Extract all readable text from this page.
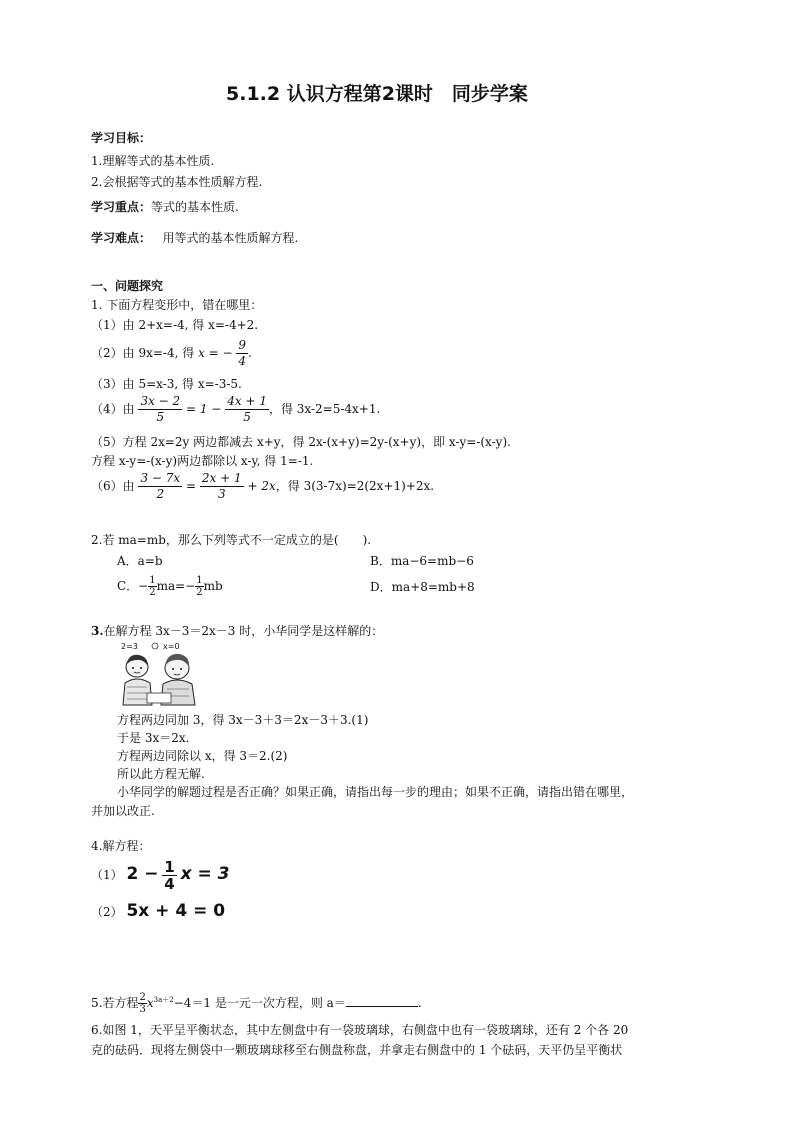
5.1.2 认识方程第2课时　同步学案
学习目标：
1.理解等式的基本性质.
2.会根据等式的基本性质解方程.
学习重点：等式的基本性质.
学习难点： 用等式的基本性质解方程.
一、问题探究
1. 下面方程变形中，错在哪里：
（1）由 2+x=-4, 得 x=-4+2.
（2）由 9x=-4, 得 x = − $\frac{9}{4}$ .
（3）由 5=x-3, 得 x=-3-5.
（4）由 $\frac{3x - 2}{5} = 1 - \frac{4x + 1}{5}$ ，得 3x-2=5-4x+1.
（5）方程 2x=2y 两边都减去 x+y，得 2x-(x+y)=2y-(x+y)，即 x-y=-(x-y).
方程 x-y=-(x-y)两边都除以 x-y, 得 1=-1.
（6）由 $\frac{3 - 7x}{2} = \frac{2x + 1}{3} + 2x$，得 3(3-7x)=2(2x+1)+2x.
2.若 ma=mb，那么下列等式不一定成立的是(　　).
A．a=b	B．ma−6=mb−6
C．− $\frac{1}{2} ma=- \frac{1}{2}$ mb	D．ma+8=mb+8
3.在解方程 3x－3＝2x－3 时，小华同学是这样解的：
2=3	x=0
方程两边同加 3，得 3x－3＋3＝2x－3＋3.(1)
于是 3x＝2x.
方程两边同除以 x，得 3＝2.(2)
所以此方程无解.
小华同学的解题过程是否正确？如果正确，请指出每一步的理由；如果不正确，请指出错在哪里，
并加以改正.
4.解方程：
（1） $2 - \frac{1}{4}$ x = 3
（2） 5x + 4 = 0
5.若方程 $\frac{2}{3} x^{3a+2}-4=1$ 是一元一次方程，则 a＝	.
6.如图 1，天平呈平衡状态，其中左侧盘中有一袋玻璃球，右侧盘中也有一袋玻璃球，还有 2 个各 20
克的砝码．现将左侧袋中一颗玻璃球移至右侧盘称盘，并拿走右侧盘中的 1 个砝码，天平仍呈平衡状
